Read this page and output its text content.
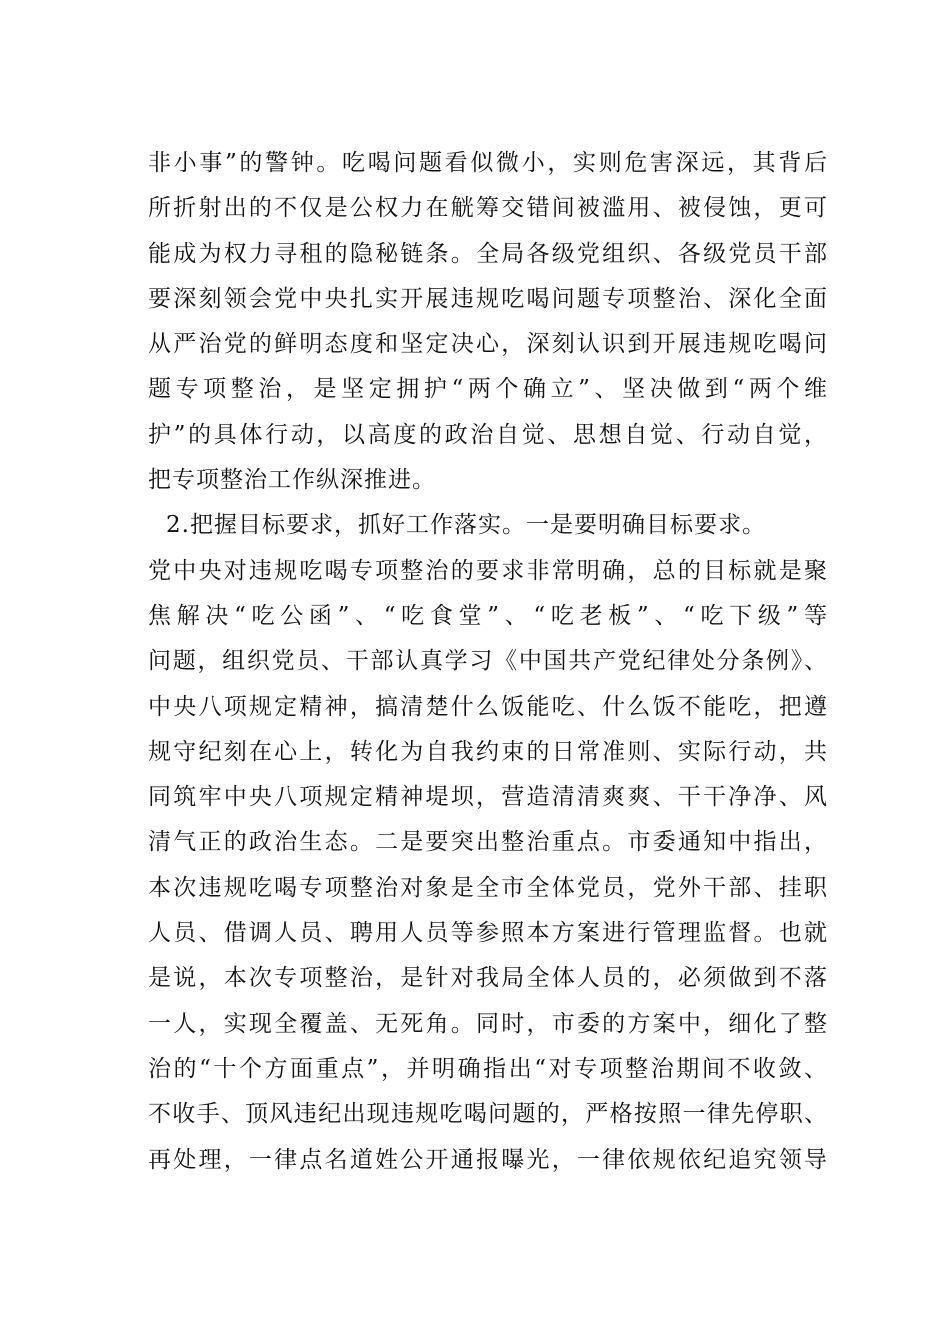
非小事”的警钟。吃喝问题看似微小，实则危害深远，其背后
所折射出的不仅是公权力在觥筹交错间被滥用、被侵蚀，更可
能成为权力寻租的隐秘链条。全局各级党组织、各级党员干部
要深刻领会党中央扎实开展违规吃喝问题专项整治、深化全面
从严治党的鲜明态度和坚定决心，深刻认识到开展违规吃喝问
题专项整治，是坚定拥护“两个确立”、坚决做到“两个维
护”的具体行动，以高度的政治自觉、思想自觉、行动自觉，
把专项整治工作纵深推进。
2.把握目标要求，抓好工作落实。一是要明确目标要求。
党中央对违规吃喝专项整治的要求非常明确，总的目标就是聚
焦解决“吃公函”、“吃食堂”、“吃老板”、“吃下级”等
问题，组织党员、干部认真学习《中国共产党纪律处分条例》、
中央八项规定精神，搞清楚什么饭能吃、什么饭不能吃，把遵
规守纪刻在心上，转化为自我约束的日常准则、实际行动，共
同筑牢中央八项规定精神堤坝，营造清清爽爽、干干净净、风
清气正的政治生态。二是要突出整治重点。市委通知中指出，
本次违规吃喝专项整治对象是全市全体党员，党外干部、挂职
人员、借调人员、聘用人员等参照本方案进行管理监督。也就
是说，本次专项整治，是针对我局全体人员的，必须做到不落
一人，实现全覆盖、无死角。同时，市委的方案中，细化了整
治的“十个方面重点”，并明确指出“对专项整治期间不收敛、
不收手、顶风违纪出现违规吃喝问题的，严格按照一律先停职、
再处理，一律点名道姓公开通报曝光，一律依规依纪追究领导
